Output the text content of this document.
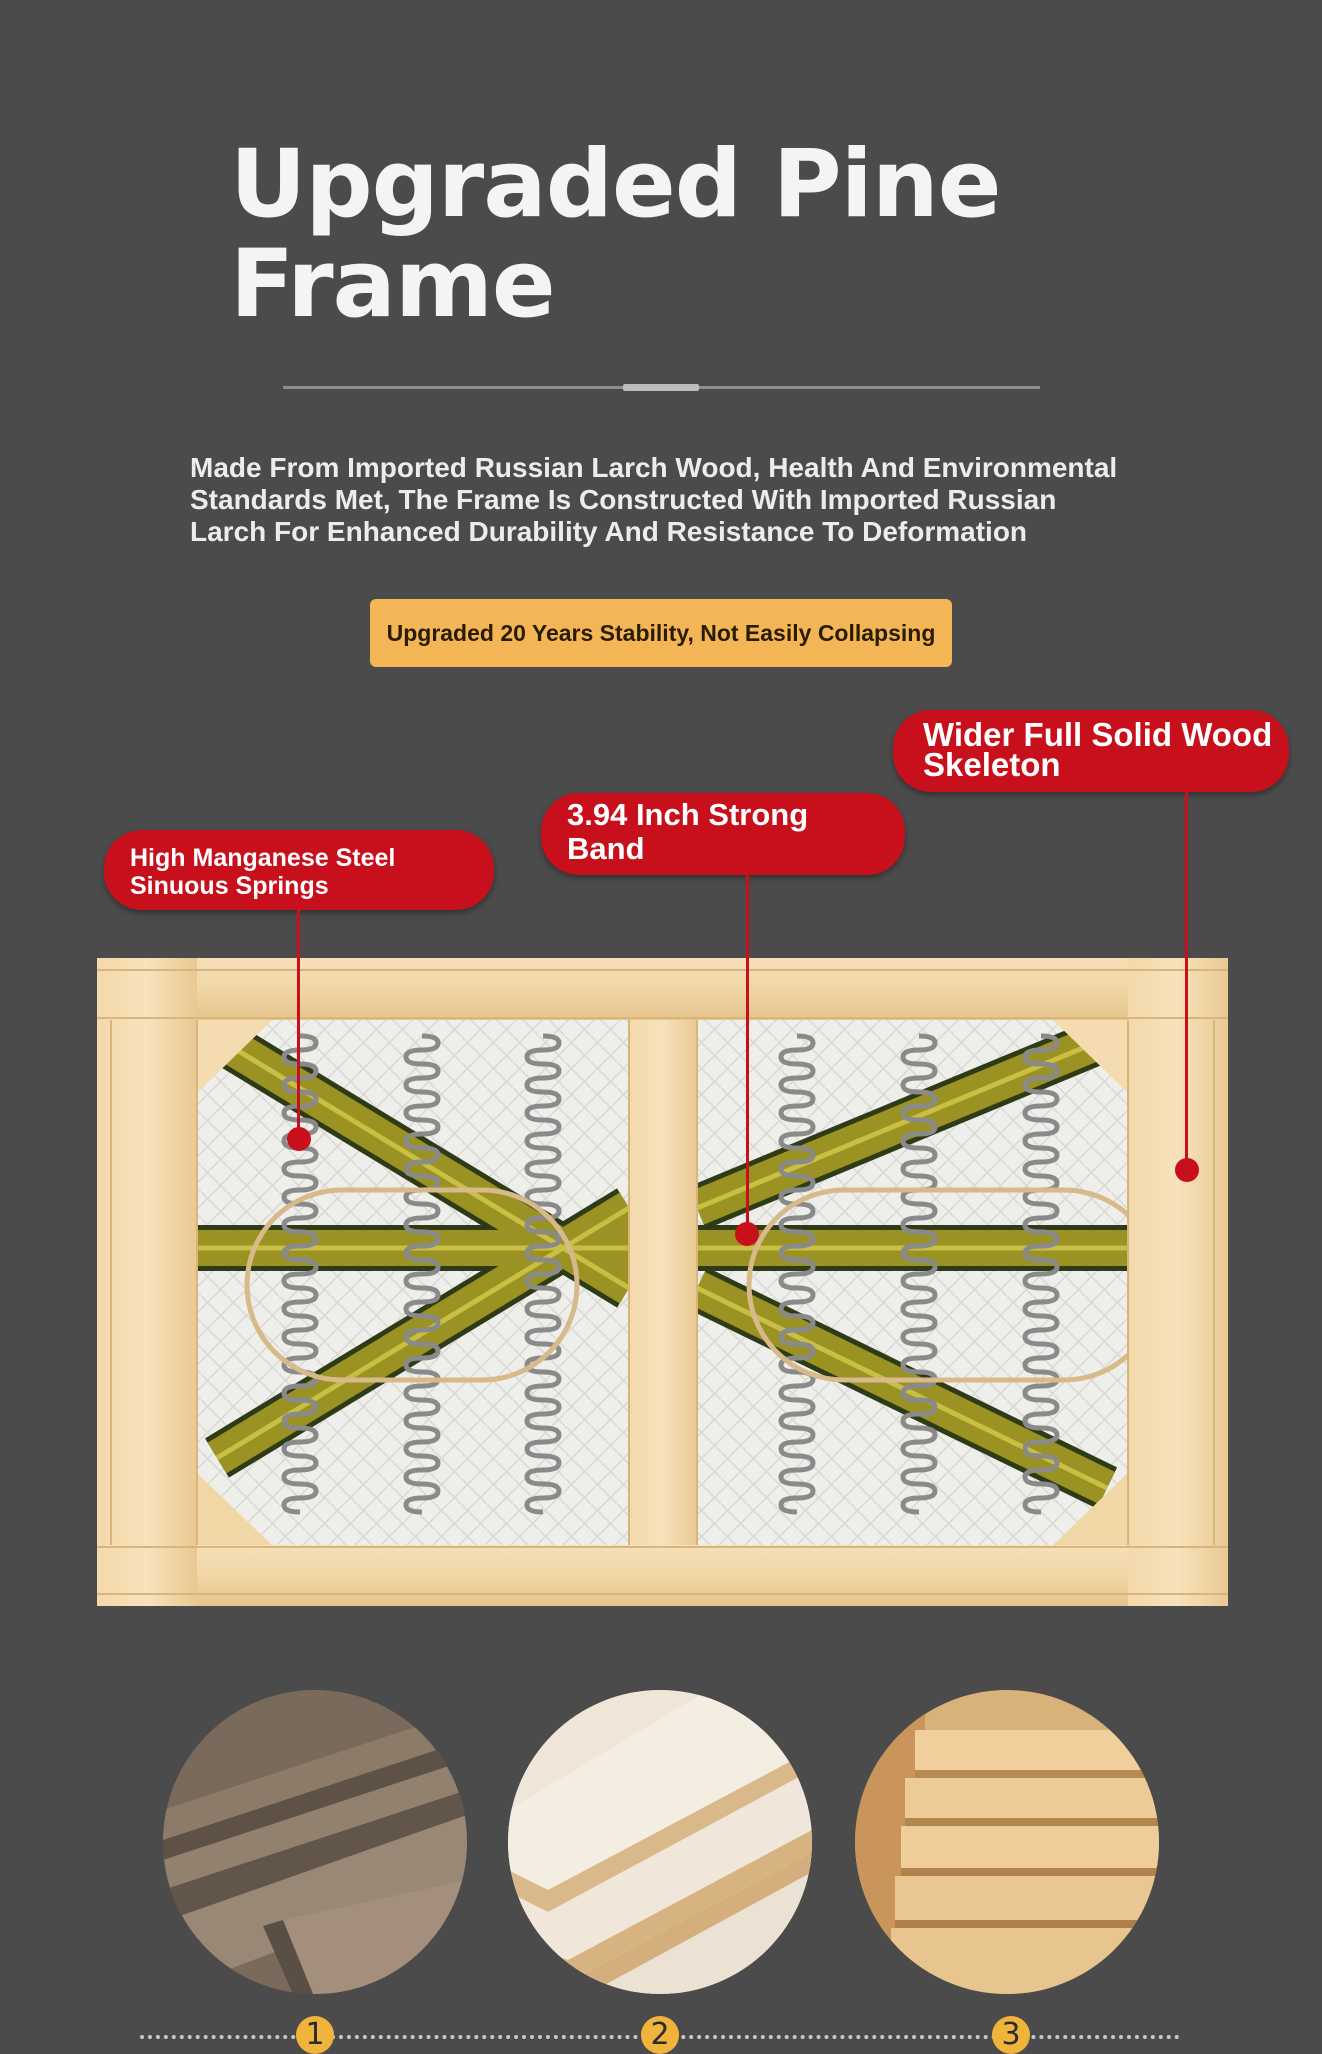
Upgraded Pine
Frame

Made From Imported Russian Larch Wood, Health And Environmental
Standards Met, The Frame Is Constructed With Imported Russian
Larch For Enhanced Durability And Resistance To Deformation

Upgraded 20 Years Stability, Not Easily Collapsing
High Manganese Steel
Sinuous Springs
3.94 Inch Strong
Band
Wider Full Solid Wood
Skeleton
1	2	3
